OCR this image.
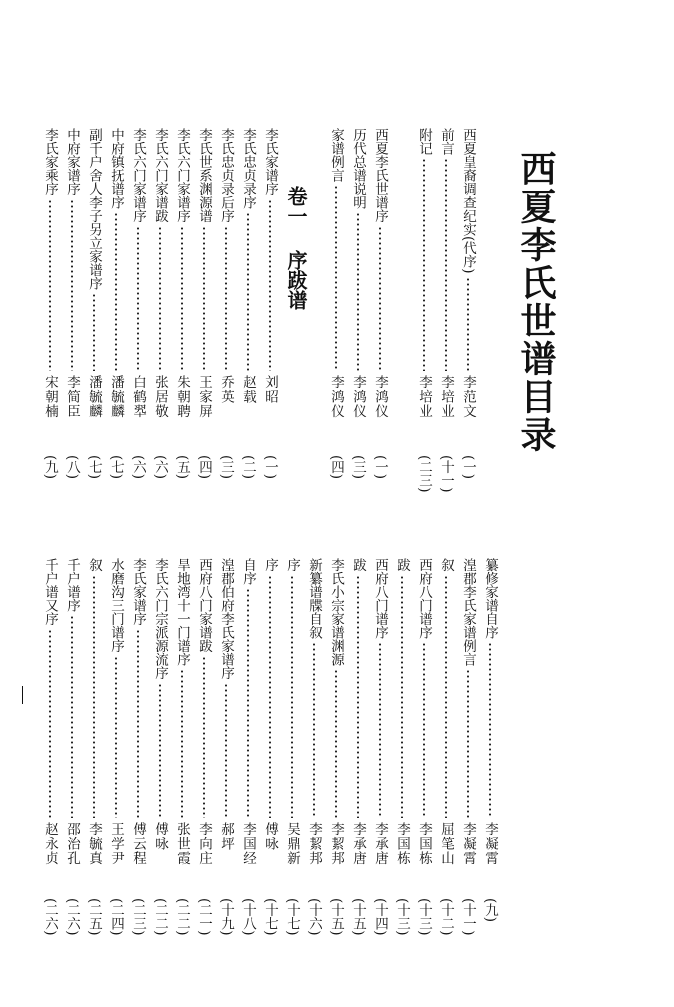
西夏李氏世谱目录
卷一
序跋谱
西夏皇裔调查纪实(代序)
李范文
(一)
前言
李培业
(十一)
附记
李培业
(二三)
西夏李氏世谱序
李鸿仪
(一)
历代总谱说明
李鸿仪
(三)
家谱例言
李鸿仪
(四)
李氏家谱序
刘昭
(一)
李氏忠贞录序
赵载
(二)
李氏忠贞录后序
乔英
(三)
李氏世系渊源谱
王家屏
(四)
李氏六门家谱序
朱朝聘
(五)
李氏六门家谱跋
张居敬
(六)
李氏六门家谱序
白鹤翆
(六)
中府镇抚谱序
潘毓麟
(七)
副千户舍人李子另立家谱序
潘毓麟
(七)
中府家谱序
李简臣
(八)
李氏家乘序
宋朝楠
(九)
纂修家谱自序
李凝霄
(九)
湟郡李氏家谱例言
李凝霄
(十一)
叙
屈笔山
(十二)
西府八门谱序
李国栋
(十三)
跋
李国栋
(十三)
西府八门谱序
李承唐
(十四)
跋
李承唐
(十五)
李氏小宗家谱渊源
李絜邦
(十五)
新纂谱牒自叙
李絜邦
(十六)
序
吴鼎新
(十七)
序
傅咏
(十七)
自序
李国经
(十八)
湟郡伯府李氏家谱序
郝坪
(十九)
西府八门家谱跋
李向庄
(二一)
旱地湾十一门谱序
张世霞
(二二)
李氏六门宗派源流序
傅咏
(二二)
李氏家谱序
傅云程
(二三)
水磨沟三门谱序
王学尹
(二四)
叙
李毓真
(二五)
千户谱序
邵治孔
(二六)
千户谱又序
赵永贞
(二六)
